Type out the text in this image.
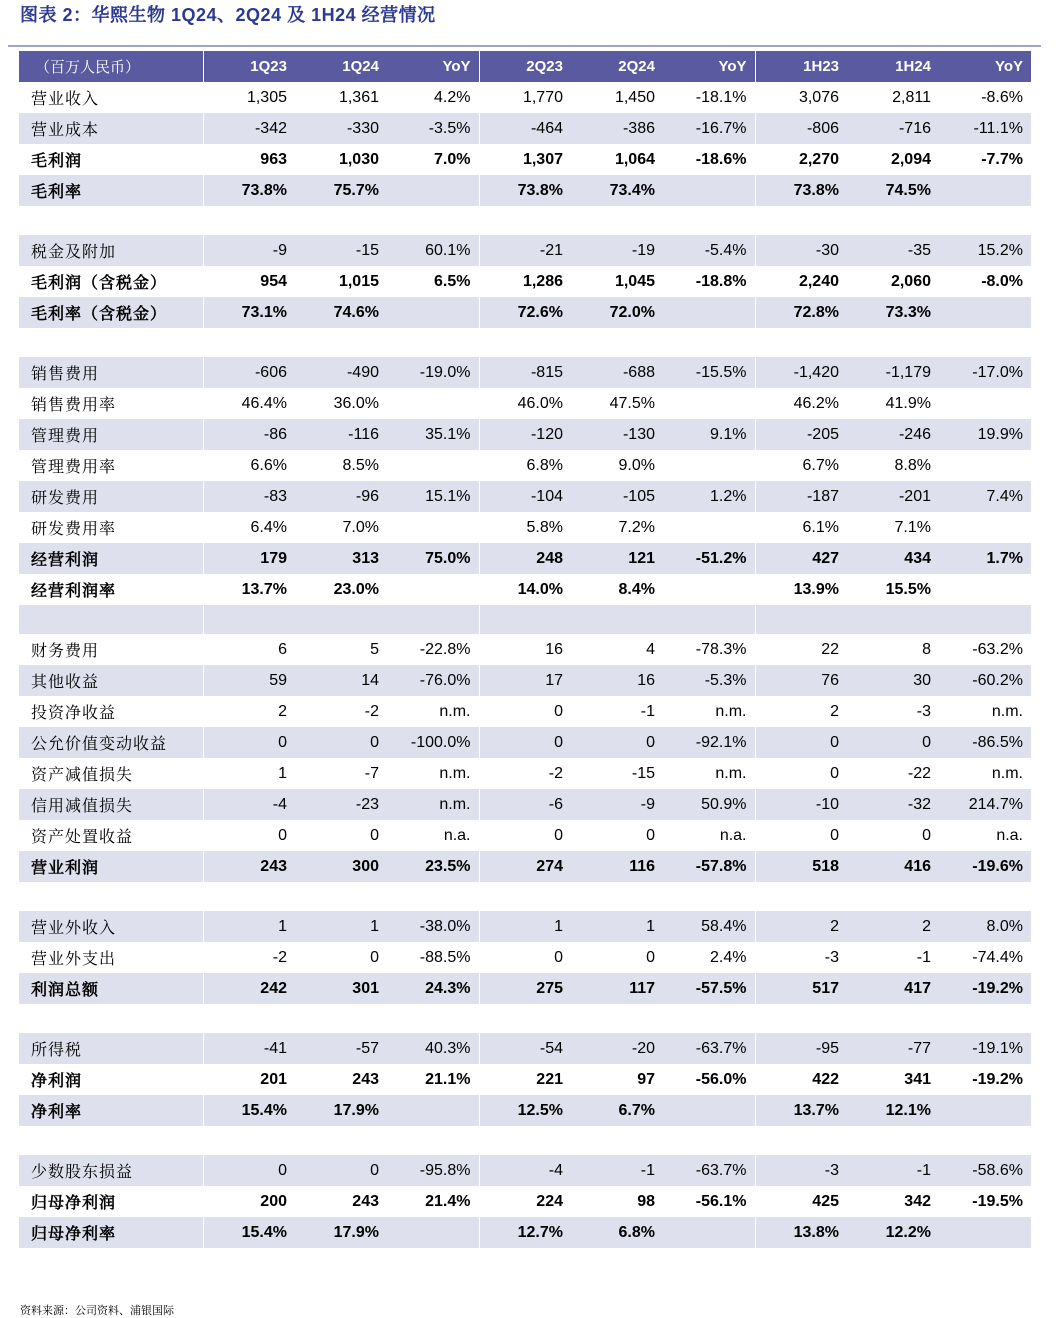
图表 2：华熙生物 1Q24、2Q24 及 1H24 经营情况
（百万人民币）	1Q23	1Q24	YoY	2Q23	2Q24	YoY	1H23	1H24	YoY
营业收入	1,305	1,361	4.2%	1,770	1,450	-18.1%	3,076	2,811	-8.6%
营业成本	-342	-330	-3.5%	-464	-386	-16.7%	-806	-716	-11.1%
毛利润	963	1,030	7.0%	1,307	1,064	-18.6%	2,270	2,094	-7.7%
毛利率	73.8%	75.7%		73.8%	73.4%		73.8%	74.5%	

税金及附加	-9	-15	60.1%	-21	-19	-5.4%	-30	-35	15.2%
毛利润（含税金）	954	1,015	6.5%	1,286	1,045	-18.8%	2,240	2,060	-8.0%
毛利率（含税金）	73.1%	74.6%		72.6%	72.0%		72.8%	73.3%	

销售费用	-606	-490	-19.0%	-815	-688	-15.5%	-1,420	-1,179	-17.0%
销售费用率	46.4%	36.0%		46.0%	47.5%		46.2%	41.9%	
管理费用	-86	-116	35.1%	-120	-130	9.1%	-205	-246	19.9%
管理费用率	6.6%	8.5%		6.8%	9.0%		6.7%	8.8%	
研发费用	-83	-96	15.1%	-104	-105	1.2%	-187	-201	7.4%
研发费用率	6.4%	7.0%		5.8%	7.2%		6.1%	7.1%	
经营利润	179	313	75.0%	248	121	-51.2%	427	434	1.7%
经营利润率	13.7%	23.0%		14.0%	8.4%		13.9%	15.5%	

财务费用	6	5	-22.8%	16	4	-78.3%	22	8	-63.2%
其他收益	59	14	-76.0%	17	16	-5.3%	76	30	-60.2%
投资净收益	2	-2	n.m.	0	-1	n.m.	2	-3	n.m.
公允价值变动收益	0	0	-100.0%	0	0	-92.1%	0	0	-86.5%
资产减值损失	1	-7	n.m.	-2	-15	n.m.	0	-22	n.m.
信用减值损失	-4	-23	n.m.	-6	-9	50.9%	-10	-32	214.7%
资产处置收益	0	0	n.a.	0	0	n.a.	0	0	n.a.
营业利润	243	300	23.5%	274	116	-57.8%	518	416	-19.6%

营业外收入	1	1	-38.0%	1	1	58.4%	2	2	8.0%
营业外支出	-2	0	-88.5%	0	0	2.4%	-3	-1	-74.4%
利润总额	242	301	24.3%	275	117	-57.5%	517	417	-19.2%

所得税	-41	-57	40.3%	-54	-20	-63.7%	-95	-77	-19.1%
净利润	201	243	21.1%	221	97	-56.0%	422	341	-19.2%
净利率	15.4%	17.9%		12.5%	6.7%		13.7%	12.1%	

少数股东损益	0	0	-95.8%	-4	-1	-63.7%	-3	-1	-58.6%
归母净利润	200	243	21.4%	224	98	-56.1%	425	342	-19.5%
归母净利率	15.4%	17.9%		12.7%	6.8%		13.8%	12.2%	
资料来源：公司资料、浦银国际
